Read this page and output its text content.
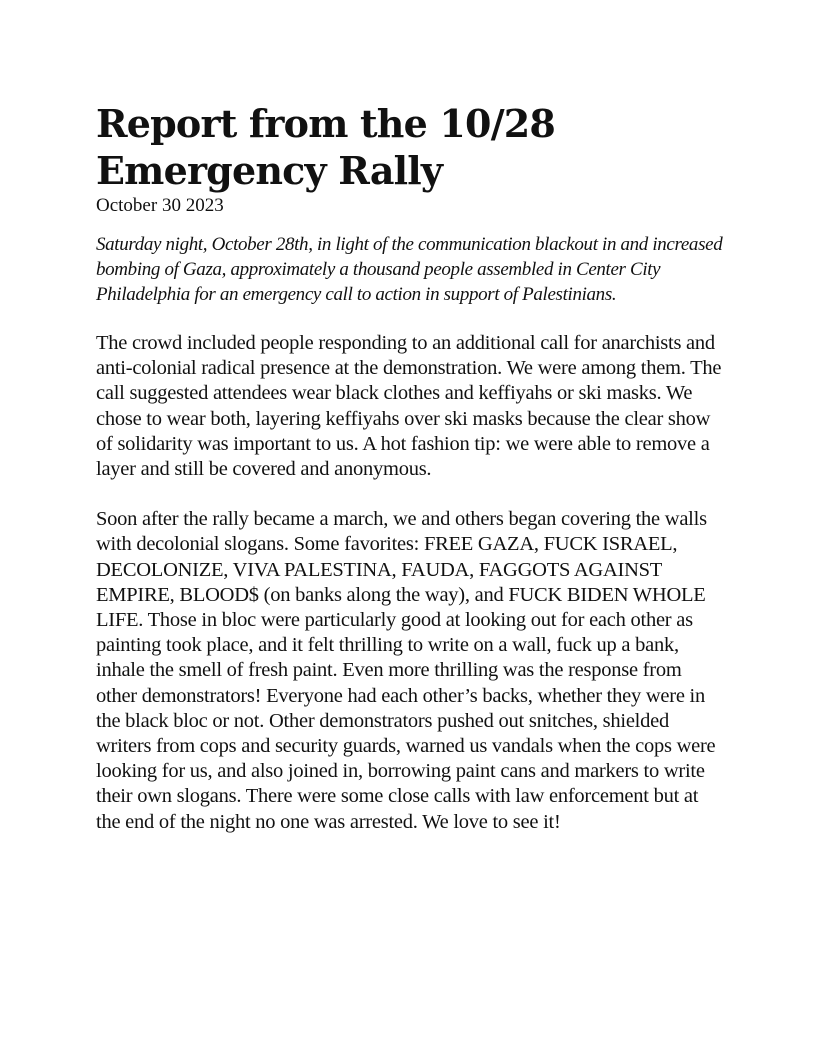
Report from the 10/28 Emergency Rally

October 30 2023

Saturday night, October 28th, in light of the communication blackout in and increased bombing of Gaza, approximately a thousand people assembled in Center City Philadelphia for an emergency call to action in support of Palestinians.

The crowd included people responding to an additional call for anarchists and anti-colonial radical presence at the demonstration. We were among them. The call suggested attendees wear black clothes and keffiyahs or ski masks. We chose to wear both, layering keffiyahs over ski masks because the clear show of solidarity was important to us. A hot fashion tip: we were able to remove a layer and still be covered and anonymous.

Soon after the rally became a march, we and others began covering the walls with decolonial slogans. Some favorites: FREE GAZA, FUCK ISRAEL, DECOLONIZE, VIVA PALESTINA, FAUDA, FAGGOTS AGAINST EMPIRE, BLOOD$ (on banks along the way), and FUCK BIDEN WHOLE LIFE. Those in bloc were particularly good at looking out for each other as painting took place, and it felt thrilling to write on a wall, fuck up a bank, inhale the smell of fresh paint. Even more thrilling was the response from other demonstrators! Everyone had each other’s backs, whether they were in the black bloc or not. Other demonstrators pushed out snitches, shielded writers from cops and security guards, warned us vandals when the cops were looking for us, and also joined in, borrowing paint cans and markers to write their own slogans. There were some close calls with law enforcement but at the end of the night no one was arrested. We love to see it!
